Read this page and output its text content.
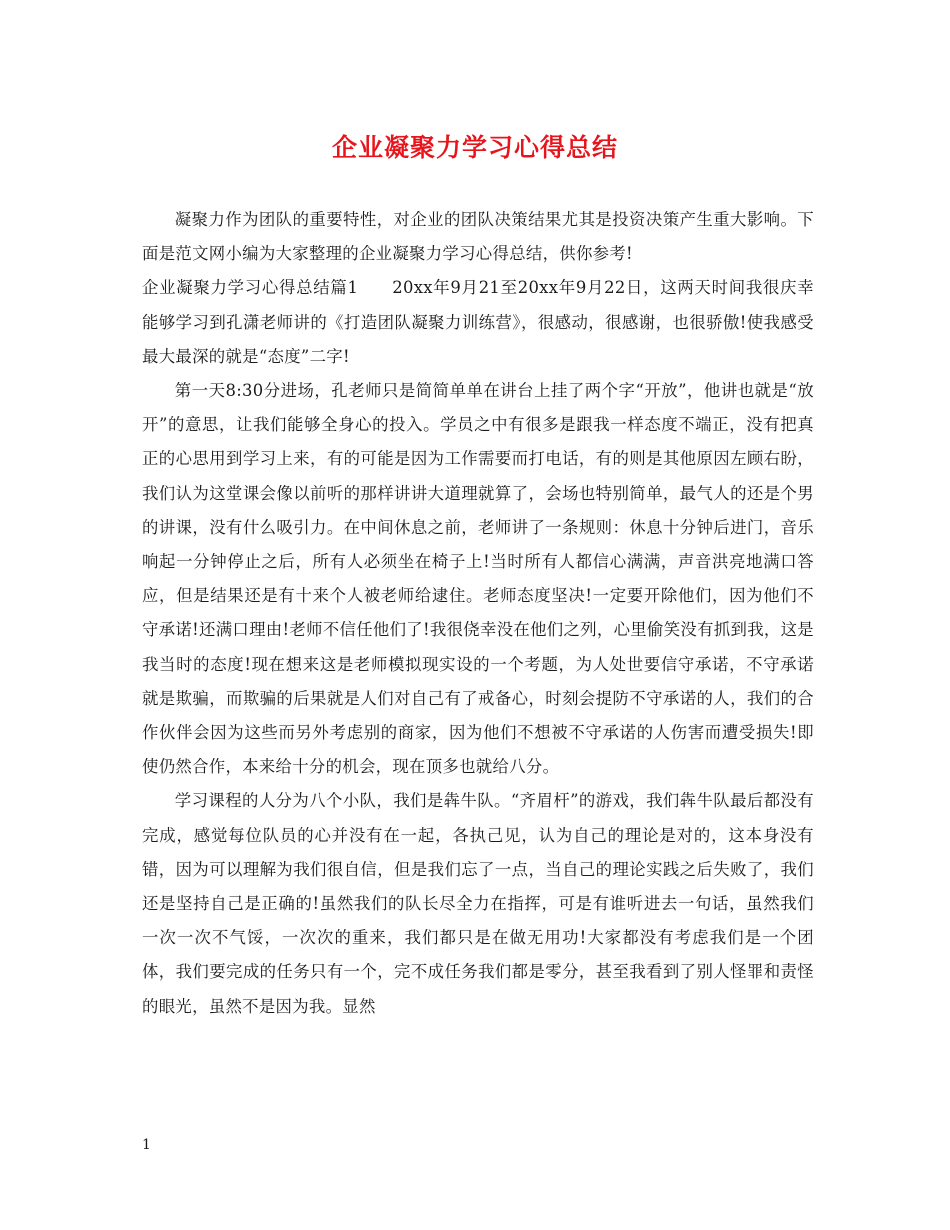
企业凝聚力学习心得总结

凝聚力作为团队的重要特性，对企业的团队决策结果尤其是投资决策产生重大影响。下面是范文网小编为大家整理的企业凝聚力学习心得总结，供你参考!

企业凝聚力学习心得总结篇1 20xx年9月21至20xx年9月22日，这两天时间我很庆幸能够学习到孔潇老师讲的《打造团队凝聚力训练营》，很感动，很感谢，也很骄傲!使我感受最大最深的就是“态度”二字!

第一天8:30分进场，孔老师只是简简单单在讲台上挂了两个字“开放”，他讲也就是“放开”的意思，让我们能够全身心的投入。学员之中有很多是跟我一样态度不端正，没有把真正的心思用到学习上来，有的可能是因为工作需要而打电话，有的则是其他原因左顾右盼，我们认为这堂课会像以前听的那样讲讲大道理就算了，会场也特别简单，最气人的还是个男的讲课，没有什么吸引力。在中间休息之前，老师讲了一条规则：休息十分钟后进门，音乐响起一分钟停止之后，所有人必须坐在椅子上!当时所有人都信心满满，声音洪亮地满口答应，但是结果还是有十来个人被老师给逮住。老师态度坚决!一定要开除他们，因为他们不守承诺!还满口理由!老师不信任他们了!我很侥幸没在他们之列，心里偷笑没有抓到我，这是我当时的态度!现在想来这是老师模拟现实设的一个考题，为人处世要信守承诺，不守承诺就是欺骗，而欺骗的后果就是人们对自己有了戒备心，时刻会提防不守承诺的人，我们的合作伙伴会因为这些而另外考虑别的商家，因为他们不想被不守承诺的人伤害而遭受损失!即使仍然合作，本来给十分的机会，现在顶多也就给八分。

学习课程的人分为八个小队，我们是犇牛队。“齐眉杆”的游戏，我们犇牛队最后都没有完成，感觉每位队员的心并没有在一起，各执己见，认为自己的理论是对的，这本身没有错，因为可以理解为我们很自信，但是我们忘了一点，当自己的理论实践之后失败了，我们还是坚持自己是正确的!虽然我们的队长尽全力在指挥，可是有谁听进去一句话，虽然我们一次一次不气馁，一次次的重来，我们都只是在做无用功!大家都没有考虑我们是一个团体，我们要完成的任务只有一个，完不成任务我们都是零分，甚至我看到了别人怪罪和责怪的眼光，虽然不是因为我。显然

1
